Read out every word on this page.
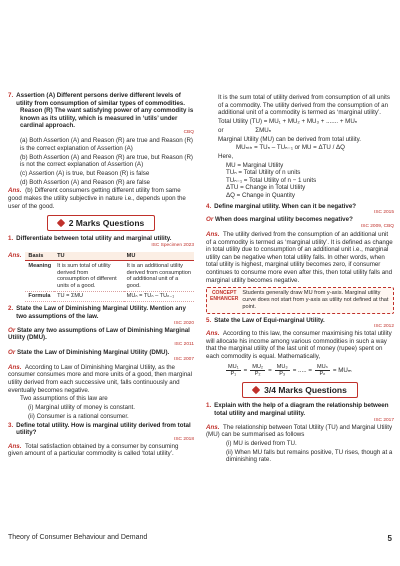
7. Assertion (A) Different persons derive different levels of utility from consumption of similar types of commodities.

Reason (R) The want satisfying power of any commodity is known as its utility, which is measured in ‘utils’ under cardinal approach.
CBQ

(a) Both Assertion (A) and Reason (R) are true and Reason (R) is the correct explanation of Assertion (A)

(b) Both Assertion (A) and Reason (R) are true, but Reason (R) is not the correct explanation of Assertion (A)

(c) Assertion (A) is true, but Reason (R) is false

(d) Both Assertion (A) and Reason (R) are false

Ans. (b) Different consumers getting different utility from same good makes the utility subjective in nature i.e., depends upon the user of the good.

2 Marks Questions
1. Differentiate between total utility and marginal utility.
ISC Specimen 2023
Ans. Basis	TU	MU
Meaning	It is sum total of utility derived from consumption of different units of a good.	It is an additional utility derived from consumption of additional unit of a good.
Formula	TU = ΣMU	MUₙ = TUₙ – TUₙ₋₁
2. State the Law of Diminishing Marginal Utility. Mention any two assumptions of the law.
ISC 2020

Or State any two assumptions of Law of Diminishing Marginal Utility (DMU).
ISC 2011

Or State the Law of Diminishing Marginal Utility (DMU).
ISC 2007

Ans. According to Law of Diminishing Marginal Utility, as the consumer consumes more and more units of a good, then marginal utility derived from each successive unit, falls continuously and eventually becomes negative.

Two assumptions of this law are

(i) Marginal utility of money is constant.

(ii) Consumer is a rational consumer.

3. Define total utility. How is marginal utility derived from total utility?
ISC 2018

Ans. Total satisfaction obtained by a consumer by consuming given amount of a particular commodity is called ‘total utility’.

It is the sum total of utility derived from consumption of all units of a commodity. The utility derived from the consumption of an additional unit of a commodity is termed as ‘marginal utility’.

Total Utility (TU) = MU₁ + MU₂ + MU₃ + ....... + MUₙ

or	ΣMUₙ

Marginal Utility (MU) can be derived from total utility.

MUₙₜₕ = TUₙ – TUₙ₋₁ or MU = ΔTU / ΔQ

Here,

MU = Marginal Utility
TUₙ = Total Utility of n units
TUₙ₋₁ = Total Utility of n − 1 units
ΔTU = Change in Total Utility
ΔQ = Change in Quantity
4. Define marginal utility. When can it be negative?
ISC 2015

Or When does marginal utility becomes negative?
ISC 2009, CBQ

Ans. The utility derived from the consumption of an additional unit of a commodity is termed as ‘marginal utility’. It is defined as change in total utility due to consumption of an additional unit i.e., marginal utility can be negative when total utility falls. In other words, when total utility is highest, marginal utility becomes zero, if consumer continues to consume more even after this, then total utility falls and marginal utility becomes negative.

CONCEPT
ENHANCER
Students generally draw MU from y-axis. Marginal utility curve does not start from y-axis as utility not defined at that point.
5. State the Law of Equi-marginal Utility.
ISC 2012

Ans. According to this law, the consumer maximising his total utility will allocate his income among various commodities in such a way that the marginal utility of the last unit of money (rupee) spent on each commodity is equal. Mathematically,

$\frac{\text{MU₁}}{\text{P₁}} = \frac{\text{MU₂}}{\text{P₂}} = \frac{\text{MU₃}}{\text{P₃}}$ = ..... = $\frac{\text{MUₙ}}{\text{Pₙ}} = MU_m$
3/4 Marks Questions
1. Explain with the help of a diagram the relationship between total utility and marginal utility.
ISC 2017

Ans. The relationship between Total Utility (TU) and Marginal Utility (MU) can be summarised as follows

(i) MU is derived from TU.

(ii) When MU falls but remains positive, TU rises, though at a diminishing rate.

Theory of Consumer Behaviour and Demand	5
